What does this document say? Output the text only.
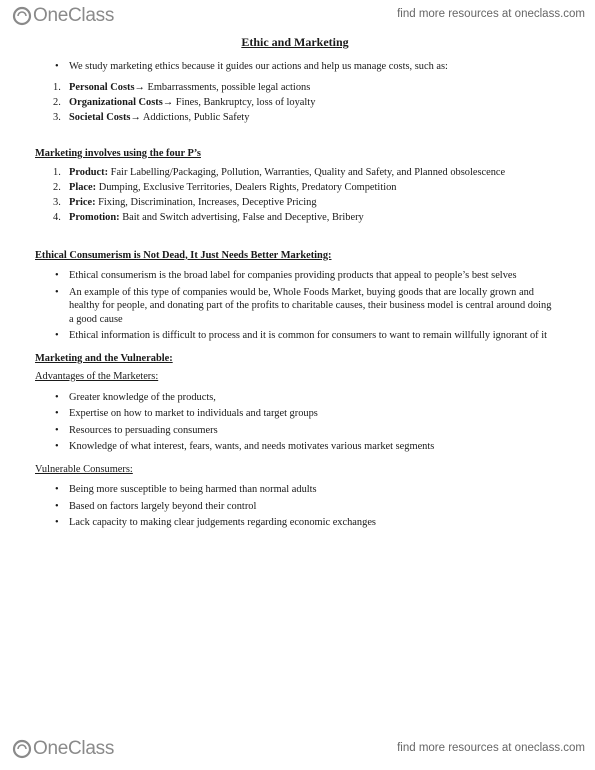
OneClass	find more resources at oneclass.com
Ethic and Marketing
• We study marketing ethics because it guides our actions and help us manage costs, such as:
1. Personal Costs→ Embarrassments, possible legal actions
2. Organizational Costs→ Fines, Bankruptcy, loss of loyalty
3. Societal Costs→ Addictions, Public Safety
Marketing involves using the four P’s
1. Product: Fair Labelling/Packaging, Pollution, Warranties, Quality and Safety, and Planned obsolescence
2. Place: Dumping, Exclusive Territories, Dealers Rights, Predatory Competition
3. Price: Fixing, Discrimination, Increases, Deceptive Pricing
4. Promotion: Bait and Switch advertising, False and Deceptive, Bribery
Ethical Consumerism is Not Dead, It Just Needs Better Marketing:
• Ethical consumerism is the broad label for companies providing products that appeal to people’s best selves
• An example of this type of companies would be, Whole Foods Market, buying goods that are locally grown and healthy for people, and donating part of the profits to charitable causes, their business model is central around doing a good cause
• Ethical information is difficult to process and it is common for consumers to want to remain willfully ignorant of it
Marketing and the Vulnerable:
Advantages of the Marketers:
• Greater knowledge of the products,
• Expertise on how to market to individuals and target groups
• Resources to persuading consumers
• Knowledge of what interest, fears, wants, and needs motivates various market segments
Vulnerable Consumers:
• Being more susceptible to being harmed than normal adults
• Based on factors largely beyond their control
• Lack capacity to making clear judgements regarding economic exchanges
OneClass	find more resources at oneclass.com
